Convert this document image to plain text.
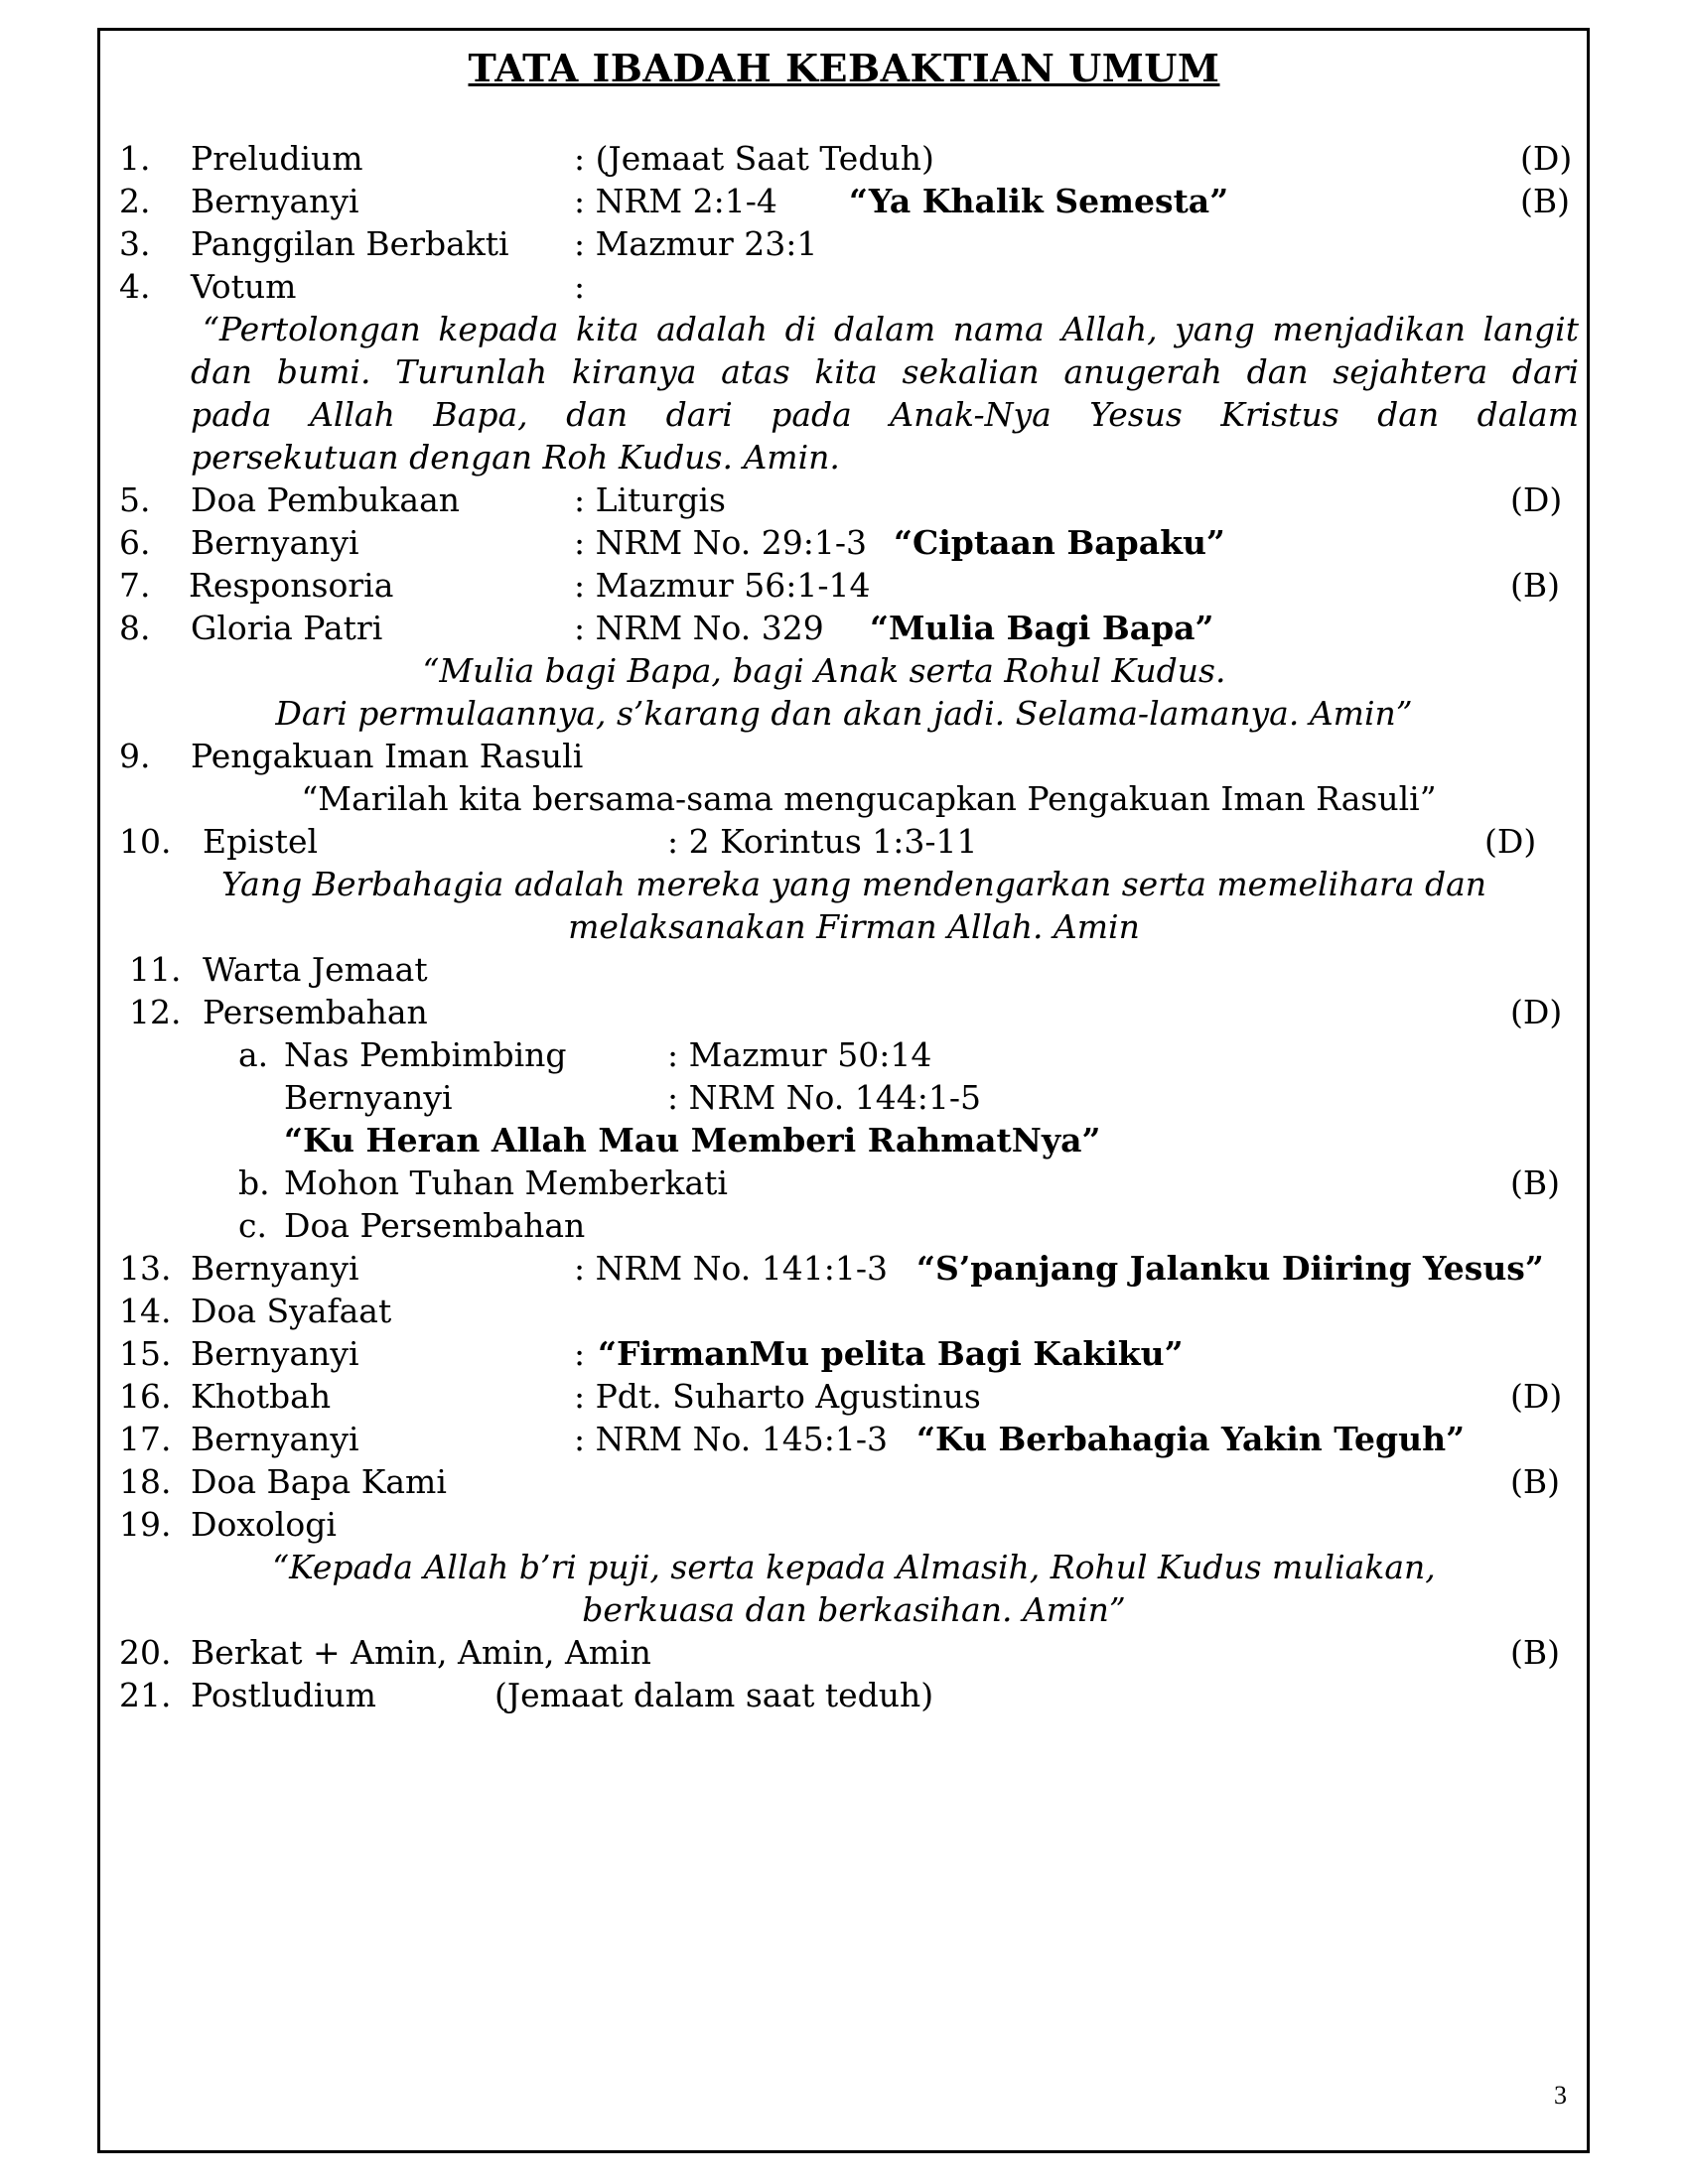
TATA IBADAH KEBAKTIAN UMUM
1. Preludium	: (Jemaat Saat Teduh)	(D)
2. Bernyanyi	: NRM 2:1-4 “Ya Khalik Semesta”	(B)
3. Panggilan Berbakti : Mazmur 23:1
4. Votum	:
“Pertolongan kepada kita adalah di dalam nama Allah, yang menjadikan langit
dan bumi. Turunlah kiranya atas kita sekalian anugerah dan sejahtera dari
pada Allah Bapa, dan dari pada Anak-Nya Yesus Kristus dan dalam
persekutuan dengan Roh Kudus. Amin.
5. Doa Pembukaan	: Liturgis	(D)
6. Bernyanyi	: NRM No. 29:1-3 “Ciptaan Bapaku”
7. Responsoria	: Mazmur 56:1-14	(B)
8. Gloria Patri	: NRM No. 329 “Mulia Bagi Bapa”
“Mulia bagi Bapa, bagi Anak serta Rohul Kudus.
Dari permulaannya, s’karang dan akan jadi. Selama-lamanya. Amin”
9. Pengakuan Iman Rasuli
“Marilah kita bersama-sama mengucapkan Pengakuan Iman Rasuli”
10. Epistel	: 2 Korintus 1:3-11	(D)
Yang Berbahagia adalah mereka yang mendengarkan serta memelihara dan
melaksanakan Firman Allah. Amin
11. Warta Jemaat
12. Persembahan	(D)
a. Nas Pembimbing	: Mazmur 50:14
Bernyanyi	: NRM No. 144:1-5
“Ku Heran Allah Mau Memberi RahmatNya”
b. Mohon Tuhan Memberkati	(B)
c. Doa Persembahan
13. Bernyanyi	: NRM No. 141:1-3 “S’panjang Jalanku Diiring Yesus”
14. Doa Syafaat
15. Bernyanyi	: “FirmanMu pelita Bagi Kakiku”
16. Khotbah	: Pdt. Suharto Agustinus	(D)
17. Bernyanyi	: NRM No. 145:1-3 “Ku Berbahagia Yakin Teguh”
18. Doa Bapa Kami	(B)
19. Doxologi
“Kepada Allah b’ri puji, serta kepada Almasih, Rohul Kudus muliakan,
berkuasa dan berkasihan. Amin”
20. Berkat + Amin, Amin, Amin	(B)
21. Postludium	(Jemaat dalam saat teduh)
3
